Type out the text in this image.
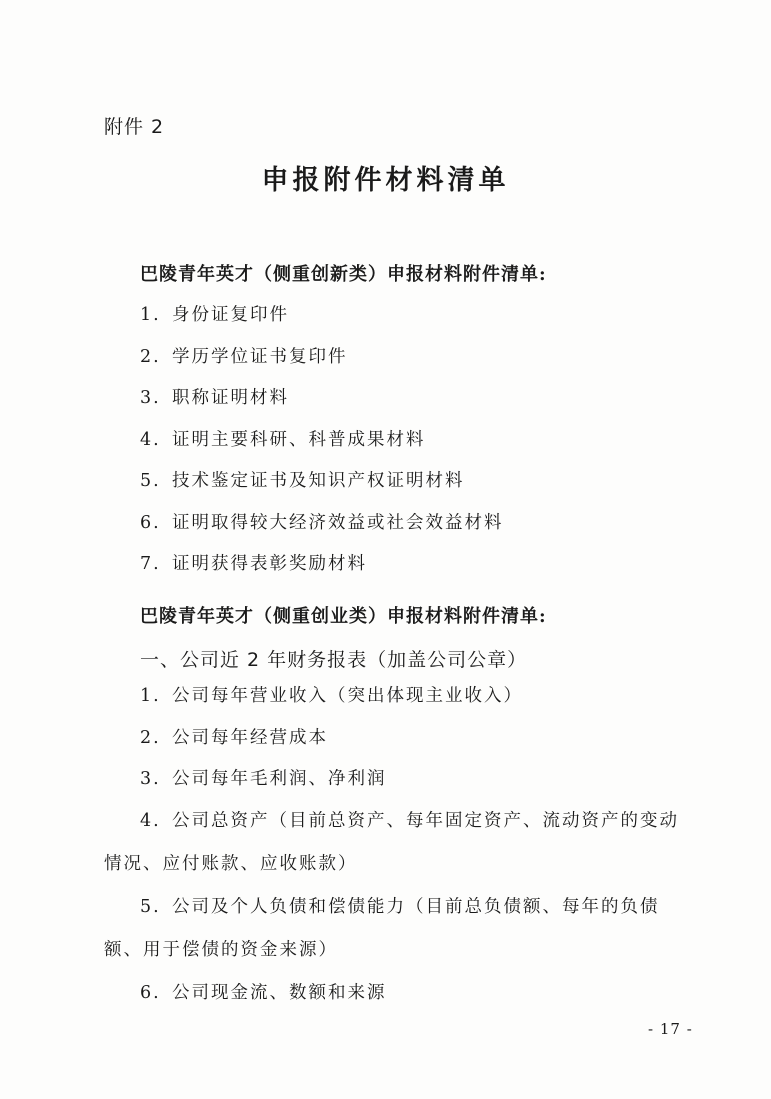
附件 2
申报附件材料清单
巴陵青年英才（侧重创新类）申报材料附件清单:
1. 身份证复印件
2. 学历学位证书复印件
3. 职称证明材料
4. 证明主要科研、科普成果材料
5. 技术鉴定证书及知识产权证明材料
6. 证明取得较大经济效益或社会效益材料
7. 证明获得表彰奖励材料
巴陵青年英才（侧重创业类）申报材料附件清单:
一、公司近 2 年财务报表（加盖公司公章）
1. 公司每年营业收入（突出体现主业收入）
2. 公司每年经营成本
3. 公司每年毛利润、净利润

4. 公司总资产（目前总资产、每年固定资产、流动资产的变动情况、应付账款、应收账款）

5. 公司及个人负债和偿债能力（目前总负债额、每年的负债额、用于偿债的资金来源）

6. 公司现金流、数额和来源
- 17 -
